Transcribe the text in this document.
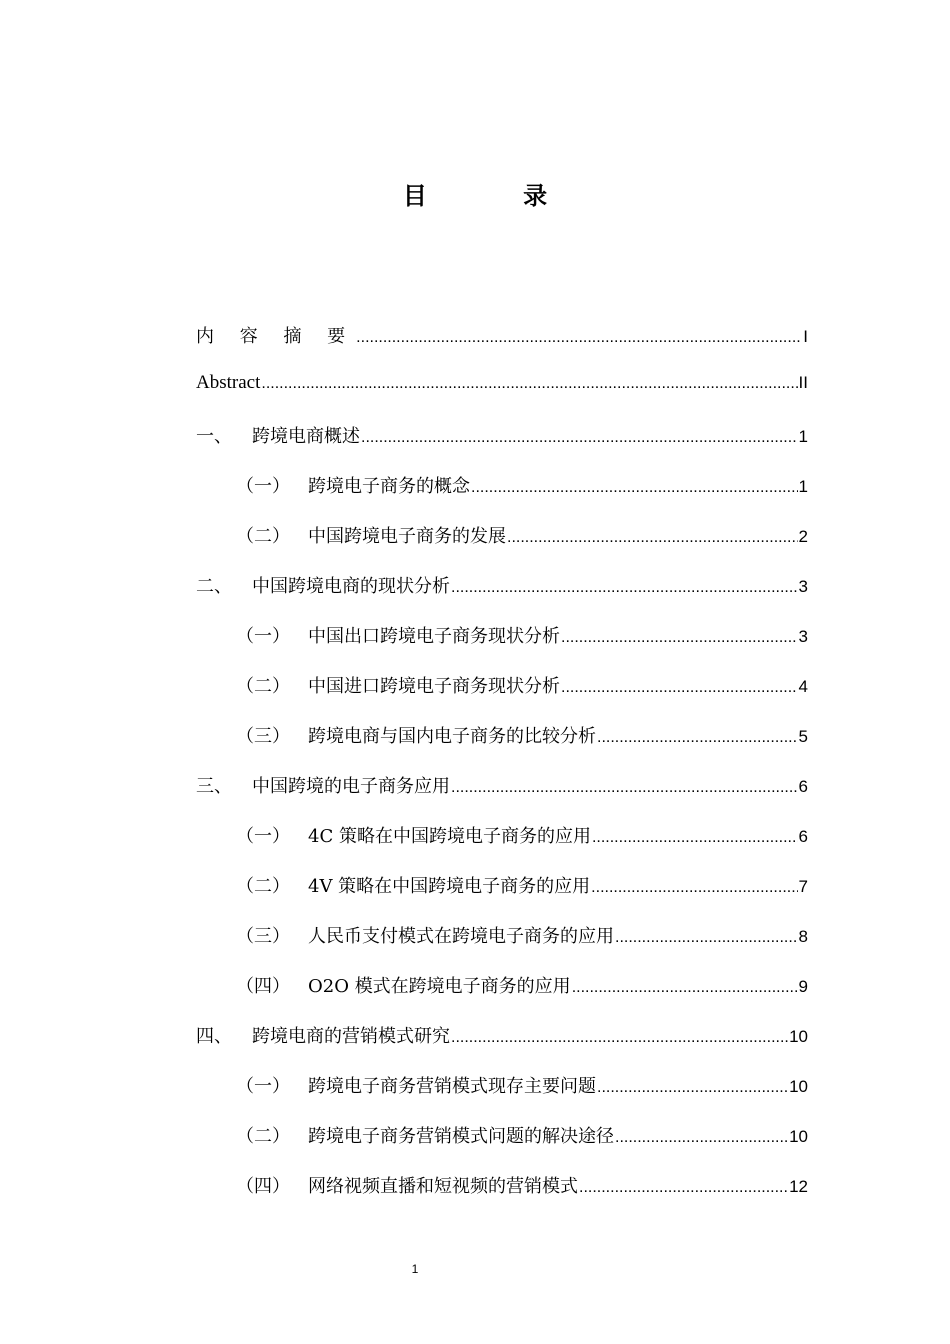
目 录
内 容 摘 要 .....	I
Abstract .....	II
一、	跨境电商概述 .....	1
（一）	跨境电子商务的概念 .....	1
（二）	中国跨境电子商务的发展 .....	2
二、	中国跨境电商的现状分析 .....	3
（一）	中国出口跨境电子商务现状分析 .....	3
（二）	中国进口跨境电子商务现状分析 .....	4
（三）	跨境电商与国内电子商务的比较分析 .....	5
三、	中国跨境的电子商务应用 .....	6
（一）	4C 策略在中国跨境电子商务的应用 .....	6
（二）	4V 策略在中国跨境电子商务的应用 .....	7
（三）	人民币支付模式在跨境电子商务的应用 .....	8
（四）	O2O 模式在跨境电子商务的应用 .....	9
四、	跨境电商的营销模式研究 .....	10
（一）	跨境电子商务营销模式现存主要问题 .....	10
（二）	跨境电子商务营销模式问题的解决途径 .....	10
（四）	网络视频直播和短视频的营销模式 .....	12
1
